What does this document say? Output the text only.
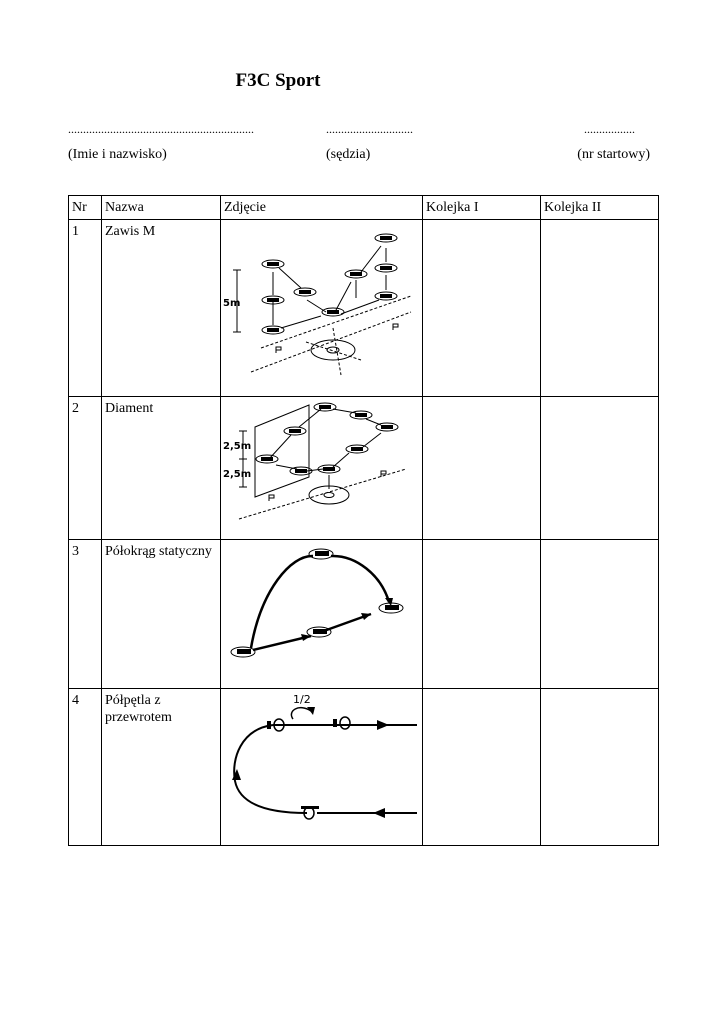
F3C Sport
..............................................................	.............................	.................
(Imie i nazwisko)	(sędzia)	(nr startowy)
Nr	Nazwa	Zdjęcie	Kolejka I	Kolejka II
1	Zawis M	5m		

2	Diament	2,5m
2,5m		

3	Półokrąg statyczny	

4	Półpętla z przewrotem	1/2		
